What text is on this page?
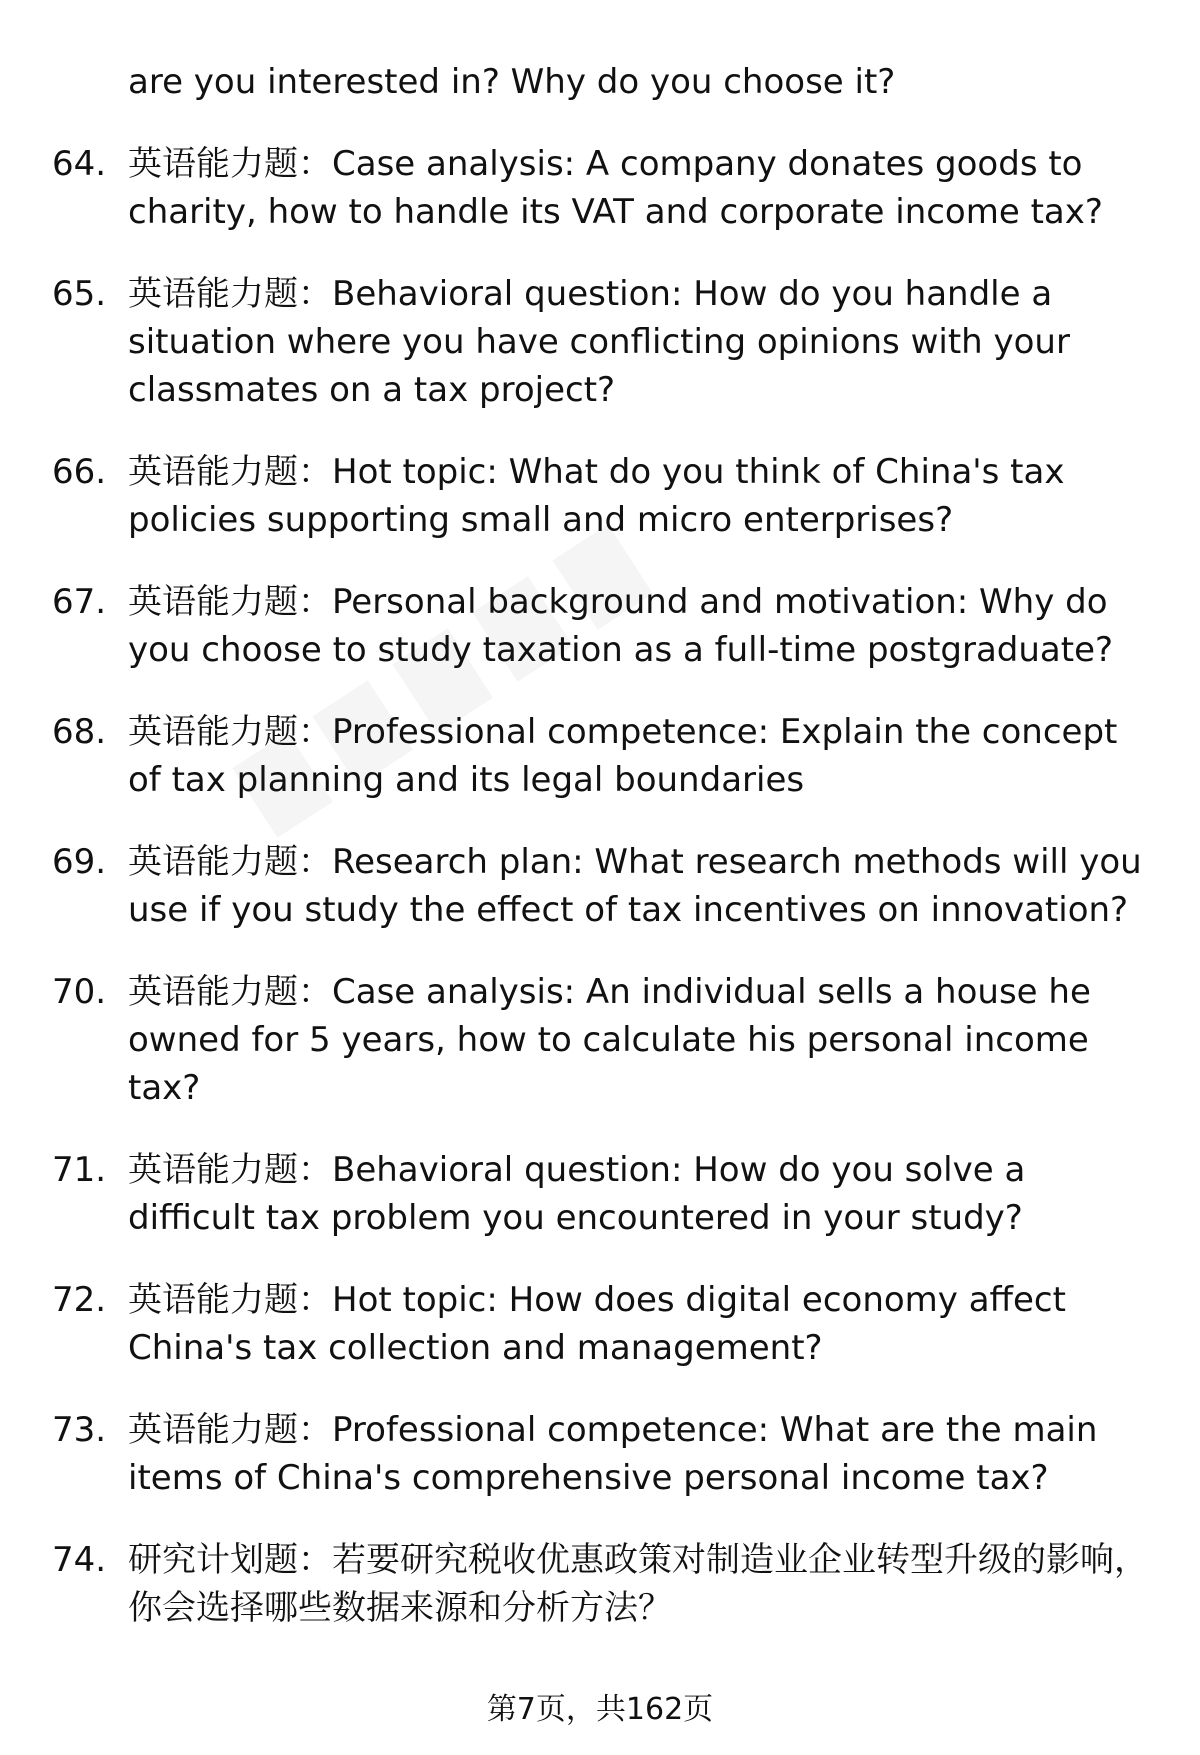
are you interested in? Why do you choose it?
64. 英语能力题：Case analysis: A company donates goods to charity, how to handle its VAT and corporate income tax?
65. 英语能力题：Behavioral question: How do you handle a situation where you have conflicting opinions with your classmates on a tax project?
66. 英语能力题：Hot topic: What do you think of China's tax policies supporting small and micro enterprises?
67. 英语能力题：Personal background and motivation: Why do you choose to study taxation as a full-time postgraduate?
68. 英语能力题：Professional competence: Explain the concept of tax planning and its legal boundaries
69. 英语能力题：Research plan: What research methods will you use if you study the effect of tax incentives on innovation?
70. 英语能力题：Case analysis: An individual sells a house he owned for 5 years, how to calculate his personal income tax?
71. 英语能力题：Behavioral question: How do you solve a difficult tax problem you encountered in your study?
72. 英语能力题：Hot topic: How does digital economy affect China's tax collection and management?
73. 英语能力题：Professional competence: What are the main items of China's comprehensive personal income tax?
74. 研究计划题：若要研究税收优惠政策对制造业企业转型升级的影响，你会选择哪些数据来源和分析方法？
第7页，共162页
